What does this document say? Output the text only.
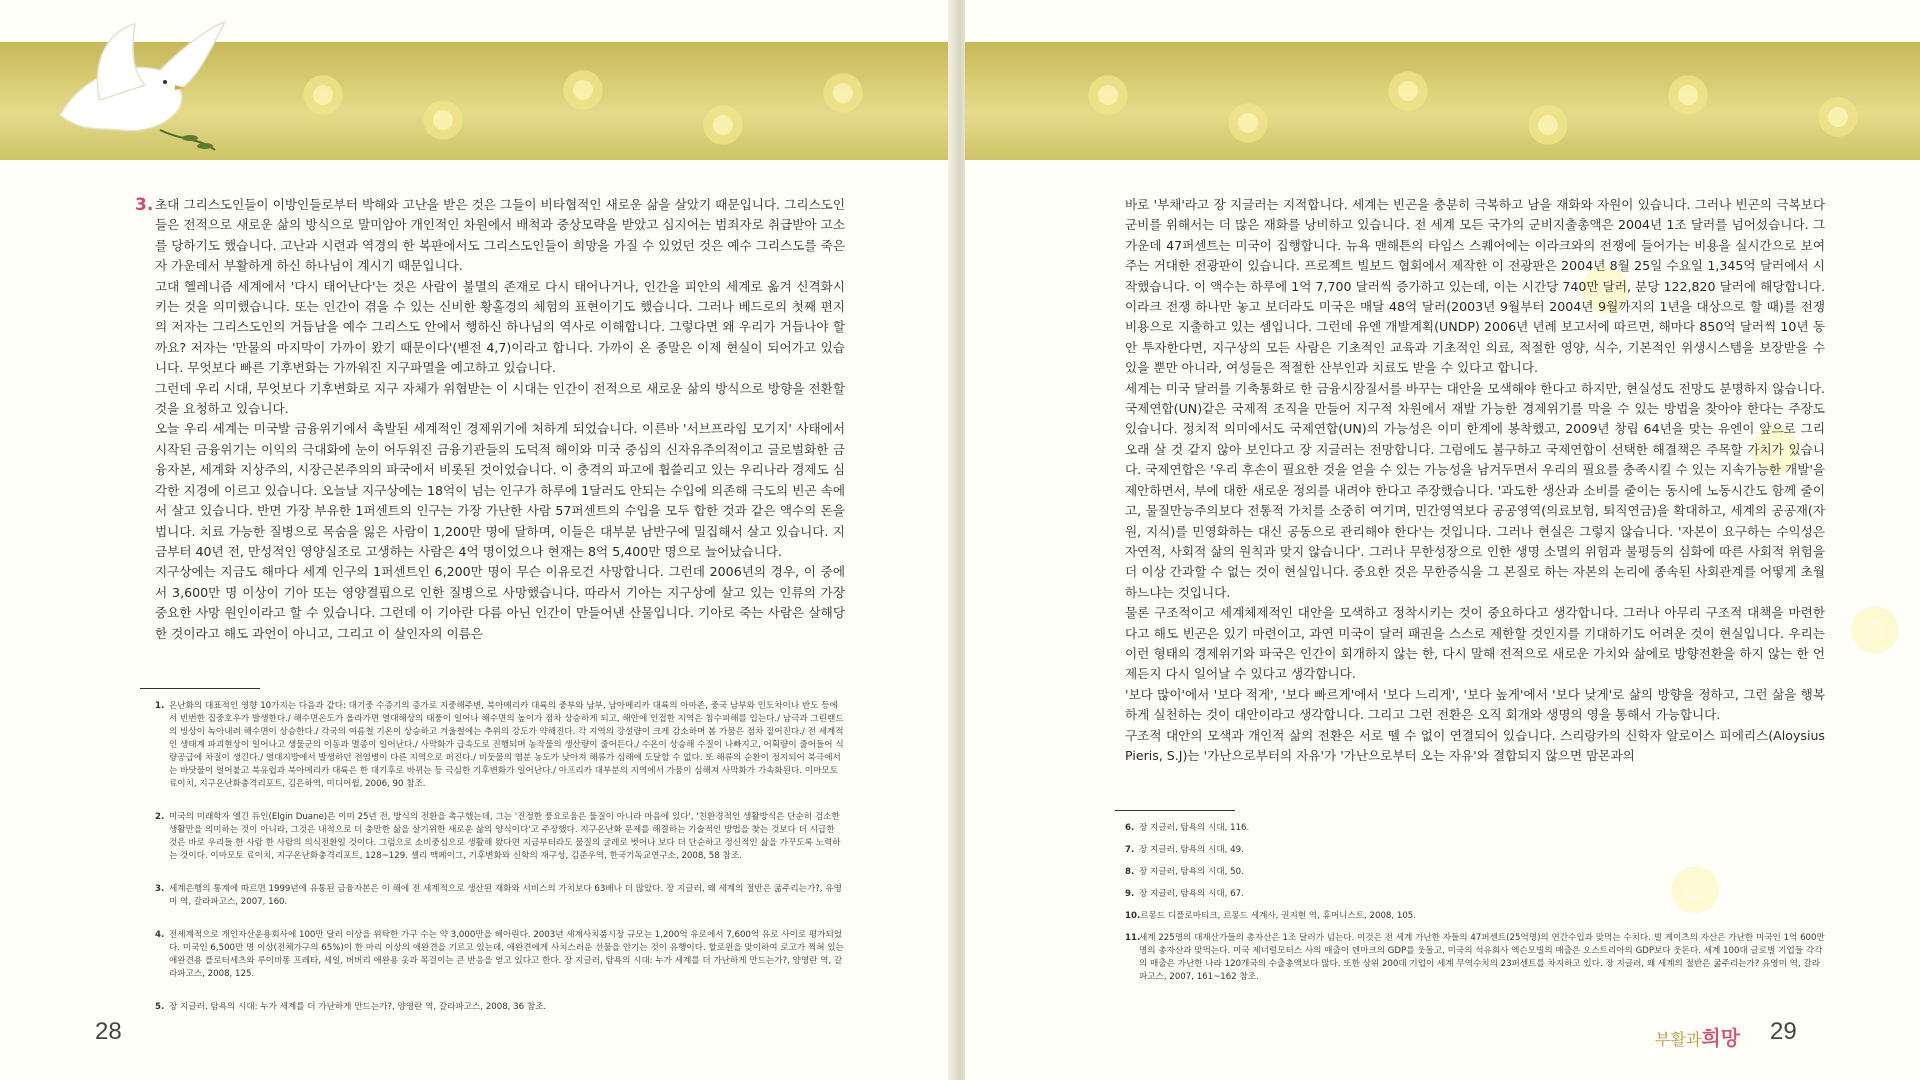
3. 초대 그리스도인들이 이방인들로부터 박해와 고난을 받은 것은 그들이 비타협적인 새로운 삶을 살았기 때문입니다. 그리스도인들은 전적으로 새로운 삶의 방식으로 말미암아 개인적인 차원에서 배척과 중상모략을 받았고 심지어는 범죄자로 취급받아 고소를 당하기도 했습니다. 고난과 시련과 역경의 한 복판에서도 그리스도인들이 희망을 가질 수 있었던 것은 예수 그리스도를 죽은 자 가운데서 부활하게 하신 하나님이 계시기 때문입니다.

고대 헬레니즘 세계에서 '다시 태어난다'는 것은 사람이 불멸의 존재로 다시 태어나거나, 인간을 피안의 세계로 옮겨 신격화시키는 것을 의미했습니다. 또는 인간이 겪을 수 있는 신비한 황홀경의 체험의 표현이기도 했습니다. 그러나 베드로의 첫째 편지의 저자는 그리스도인의 거듭남을 예수 그리스도 안에서 행하신 하나님의 역사로 이해합니다. 그렇다면 왜 우리가 거듭나야 할까요? 저자는 '만물의 마지막이 가까이 왔기 때문이다'(벧전 4,7)이라고 합니다. 가까이 온 종말은 이제 현실이 되어가고 있습니다. 무엇보다 빠른 기후변화는 가까워진 지구파멸을 예고하고 있습니다.

그런데 우리 시대, 무엇보다 기후변화로 지구 자체가 위협받는 이 시대는 인간이 전적으로 새로운 삶의 방식으로 방향을 전환할 것을 요청하고 있습니다.

오늘 우리 세계는 미국발 금융위기에서 촉발된 세계적인 경제위기에 처하게 되었습니다. 이른바 '서브프라임 모기지' 사태에서 시작된 금융위기는 이익의 극대화에 눈이 어두워진 금융기관들의 도덕적 해이와 미국 중심의 신자유주의적이고 글로벌화한 금융자본, 세계화 지상주의, 시장근본주의의 파국에서 비롯된 것이었습니다. 이 충격의 파고에 휩쓸리고 있는 우리나라 경제도 심각한 지경에 이르고 있습니다. 오늘날 지구상에는 18억이 넘는 인구가 하루에 1달러도 안되는 수입에 의존해 극도의 빈곤 속에서 살고 있습니다. 반면 가장 부유한 1퍼센트의 인구는 가장 가난한 사람 57퍼센트의 수입을 모두 합한 것과 같은 액수의 돈을 법니다. 치료 가능한 질병으로 목숨을 잃은 사람이 1,200만 명에 달하며, 이들은 대부분 남반구에 밀집해서 살고 있습니다. 지금부터 40년 전, 만성적인 영양실조로 고생하는 사람은 4억 명이었으나 현재는 8억 5,400만 명으로 늘어났습니다.

지구상에는 지금도 해마다 세계 인구의 1퍼센트인 6,200만 명이 무슨 이유로건 사망합니다. 그런데 2006년의 경우, 이 중에서 3,600만 명 이상이 기아 또는 영양결핍으로 인한 질병으로 사망했습니다. 따라서 기아는 지구상에 살고 있는 인류의 가장 중요한 사망 원인이라고 할 수 있습니다. 그런데 이 기아란 다름 아닌 인간이 만들어낸 산물입니다. 기아로 죽는 사람은 살해당한 것이라고 해도 과언이 아니고, 그리고 이 살인자의 이름은

1. 온난화의 대표적인 영향 10가지는 다음과 같다: 대기중 수증기의 증가로 지중해주변, 북아메리카 대륙의 중부와 남부, 남아메리카 대륙의 아마존, 중국 남부와 인도차이나 반도 등에서 빈번한 집중호우가 발생한다./ 해수면온도가 올라가면 열대해상의 태풍이 일어나 해수면의 높이가 점차 상승하게 되고, 해안에 인접한 지역은 침수피해를 입는다./ 남극과 그린랜드의 빙상이 녹아내려 해수면이 상승한다./ 각국의 여름철 기온이 상승하고 겨울철에는 추위의 강도가 약해진다. 각 지역의 강설량이 크게 감소하며 봄 가뭄은 점차 짙어진다./ 전 세계적인 생태계 파괴현상이 일어나고 생물군의 이동과 멸종이 일어난다./ 사막화가 급속도로 진행되며 농작물의 생산량이 줄어든다./ 수온이 상승해 수질이 나빠지고, 어획량이 줄어들어 식량공급에 차질이 생긴다./ 열대지방에서 발생하던 전염병이 다른 지역으로 퍼진다./ 비둣물의 염분 농도가 낮아져 해류가 심해에 도달할 수 없다. 또 해류의 순환이 정지되어 북극에서는 바닷물이 얼어붙고 북유럽과 북아메리카 대륙은 한 대기후로 바뀌는 등 극심한 기후변화가 일어난다./ 아프리카 대부분의 지역에서 가뭄이 심해져 사막화가 가속화된다. 이마모토 료이치, 지구온난화충격리포트, 김은하역, 미디어윌, 2006, 90 참조.
2. 미국의 미래학자 엘긴 듀인(Elgin Duane)은 이미 25년 전, 방식의 전환을 촉구했는데, 그는 '진정한 풍요로움은 물질이 아니라 마음에 있다', '친환경적인 생활방식은 단순히 검소한 생활만을 의미하는 것이 아니라, 그것은 내적으로 더 충만한 삶을 살기위한 새로운 삶의 양식이다'고 주장했다. 지구온난화 문제를 해결하는 기술적인 방법을 찾는 것보다 더 시급한 것은 바로 우리들 한 사람 한 사람의 의식전환일 것이다. 그럼으로 소비중심으로 생활해 왔다면 지금부터라도 물질의 굴레로 벗어나 보다 더 단순하고 정신적인 삶을 가꾸도록 노력하는 것이다. 이마모토 료이치, 지구온난화충격리포트, 128~129. 셸리 맥페이그, 기후변화와 신학의 재구성, 김준우역, 한국기독교연구소, 2008, 58 참조.
3. 세계은행의 통계에 따르면 1999년에 유통된 금융자본은 이 해에 전 세계적으로 생산된 재화와 서비스의 가치보다 63배나 더 많았다. 장 지글러, 왜 세계의 절반은 굶주리는가?, 유영미 역, 갈라파고스, 2007, 160.
4. 전세계적으로 개인자산운용회사에 100만 달러 이상을 위탁한 가구 수는 약 3,000만을 헤아린다. 2003년 세계사치품시장 규모는 1,200억 유로에서 7,600억 유로 사이로 평가되었다. 미국인 6,500만 명 이상(전체가구의 65%)이 한 마리 이상의 애완견을 기르고 있는데, 애완견에게 사치스러운 선물을 안기는 것이 유행이다. 할로윈을 맞이하여 로고가 찍혀 있는 애완견용 플로터세츠와 루이비똥 프레타, 세일, 버버리 애완용 옷과 목걸이는 큰 반응을 얻고 있다고 한다. 장 지글러, 탐욕의 시대: 누가 세계를 더 가난하게 만드는가?, 양영란 역, 갈라파고스, 2008, 125.
5. 장 지글러, 탐욕의 시대: 누가 세계를 더 가난하게 만드는가?, 양영란 역, 갈라파고스, 2008, 36 참조.
28

바로 '부채'라고 장 지글러는 지적합니다. 세계는 빈곤을 충분히 극복하고 남을 재화와 자원이 있습니다. 그러나 빈곤의 극복보다 군비를 위해서는 더 많은 재화를 낭비하고 있습니다. 전 세계 모든 국가의 군비지출총액은 2004년 1조 달러를 넘어섰습니다. 그 가운데 47퍼센트는 미국이 집행합니다. 뉴욕 맨해튼의 타임스 스퀘어에는 이라크와의 전쟁에 들어가는 비용을 실시간으로 보여주는 거대한 전광판이 있습니다. 프로젝트 빌보드 협회에서 제작한 이 전광판은 2004년 8월 25일 수요일 1,345억 달러에서 시작했습니다. 이 액수는 하루에 1억 7,700 달러씩 증가하고 있는데, 이는 시간당 740만 달러, 분당 122,820 달러에 해당합니다. 이라크 전쟁 하나만 놓고 보더라도 미국은 매달 48억 달러(2003년 9월부터 2004년 9월까지의 1년을 대상으로 할 때)를 전쟁비용으로 지출하고 있는 셈입니다. 그런데 유엔 개발계획(UNDP) 2006년 년례 보고서에 따르면, 해마다 850억 달러씩 10년 동안 투자한다면, 지구상의 모든 사람은 기초적인 교육과 기초적인 의료, 적절한 영양, 식수, 기본적인 위생시스템을 보장받을 수 있을 뿐만 아니라, 여성들은 적절한 산부인과 치료도 받을 수 있다고 합니다.

세계는 미국 달러를 기축통화로 한 금융시장질서를 바꾸는 대안을 모색해야 한다고 하지만, 현실성도 전망도 분명하지 않습니다. 국제연합(UN)같은 국제적 조직을 만들어 지구적 차원에서 재발 가능한 경제위기를 막을 수 있는 방법을 찾아야 한다는 주장도 있습니다. 정치적 의미에서도 국제연합(UN)의 가능성은 이미 한계에 봉착했고, 2009년 창립 64년을 맞는 유엔이 앞으로 그리 오래 살 것 같지 않아 보인다고 장 지글러는 전망합니다. 그럼에도 불구하고 국제연합이 선택한 해결책은 주목할 가치가 있습니다. 국제연합은 '우리 후손이 필요한 것을 얻을 수 있는 가능성을 남겨두면서 우리의 필요를 충족시킬 수 있는 지속가능한 개발'을 제안하면서, 부에 대한 새로운 정의를 내려야 한다고 주장했습니다. '과도한 생산과 소비를 줄이는 동시에 노동시간도 함께 줄이고, 물질만능주의보다 전통적 가치를 소중히 여기며, 민간영역보다 공공영역(의료보험, 퇴직연금)을 확대하고, 세계의 공공재(자원, 지식)를 민영화하는 대신 공동으로 관리해야 한다'는 것입니다. 그러나 현실은 그렇지 않습니다. '자본이 요구하는 수익성은 자연적, 사회적 삶의 원칙과 맞지 않습니다'. 그러나 무한성장으로 인한 생명 소멸의 위험과 불평등의 심화에 따른 사회적 위험을 더 이상 간과할 수 없는 것이 현실입니다. 중요한 것은 무한증식을 그 본질로 하는 자본의 논리에 종속된 사회관계를 어떻게 초월하느냐는 것입니다.

물론 구조적이고 세계체제적인 대안을 모색하고 정착시키는 것이 중요하다고 생각합니다. 그러나 아무리 구조적 대책을 마련한다고 해도 빈곤은 있기 마련이고, 과연 미국이 달러 패권을 스스로 제한할 것인지를 기대하기도 어려운 것이 현실입니다. 우리는 이런 형태의 경제위기와 파국은 인간이 회개하지 않는 한, 다시 말해 전적으로 새로운 가치와 삶에로 방향전환을 하지 않는 한 언제든지 다시 일어날 수 있다고 생각합니다.

'보다 많이'에서 '보다 적게', '보다 빠르게'에서 '보다 느리게', '보다 높게'에서 '보다 낮게'로 삶의 방향을 정하고, 그런 삶을 행복하게 실천하는 것이 대안이라고 생각합니다. 그리고 그런 전환은 오직 회개와 생명의 영을 통해서 가능합니다.

구조적 대안의 모색과 개인적 삶의 전환은 서로 뗄 수 없이 연결되어 있습니다. 스리랑카의 신학자 알로이스 피에리스(Aloysius Pieris, S.J)는 '가난으로부터의 자유'가 '가난으로부터 오는 자유'와 결합되지 않으면 맘몬과의

6. 장 지글러, 탐욕의 시대, 116.
7. 장 지글러, 탐욕의 시대, 49.
8. 장 지글러, 탐욕의 시대, 50.
9. 장 지글러, 탐욕의 시대, 67.
10. 르몽드 디플로마티크, 르몽드 세계사, 권지현 역, 휴머니스트, 2008, 105.
11.
세계 225명의 대재산가들의 총자산은 1조 달러가 넘는다. 이것은 전 세계 가난한 자들의 47퍼센트(25억명)의 연간수입과 맞먹는 수치다. 빌 게이츠의 자산은 가난한 미국인 1억 600만 명의 총자산과 맞먹는다. 미국 제너럴모터스 사의 매출이 덴마크의 GDP를 웃돌고, 미국의 석유회사 엑슨모빌의 매출은 오스트리아의 GDP보다 웃돈다. 세계 100대 글로벌 기업들 각각의 매출은 가난한 나라 120개국의 수출총액보다 많다. 또한 상위 200대 기업이 세계 무역수치의 23퍼센트를 차지하고 있다. 장 지글러, 왜 세계의 절반은 굶주리는가? 유영미 역, 갈라파고스, 2007, 161~162 참조.
부활과희망 29
